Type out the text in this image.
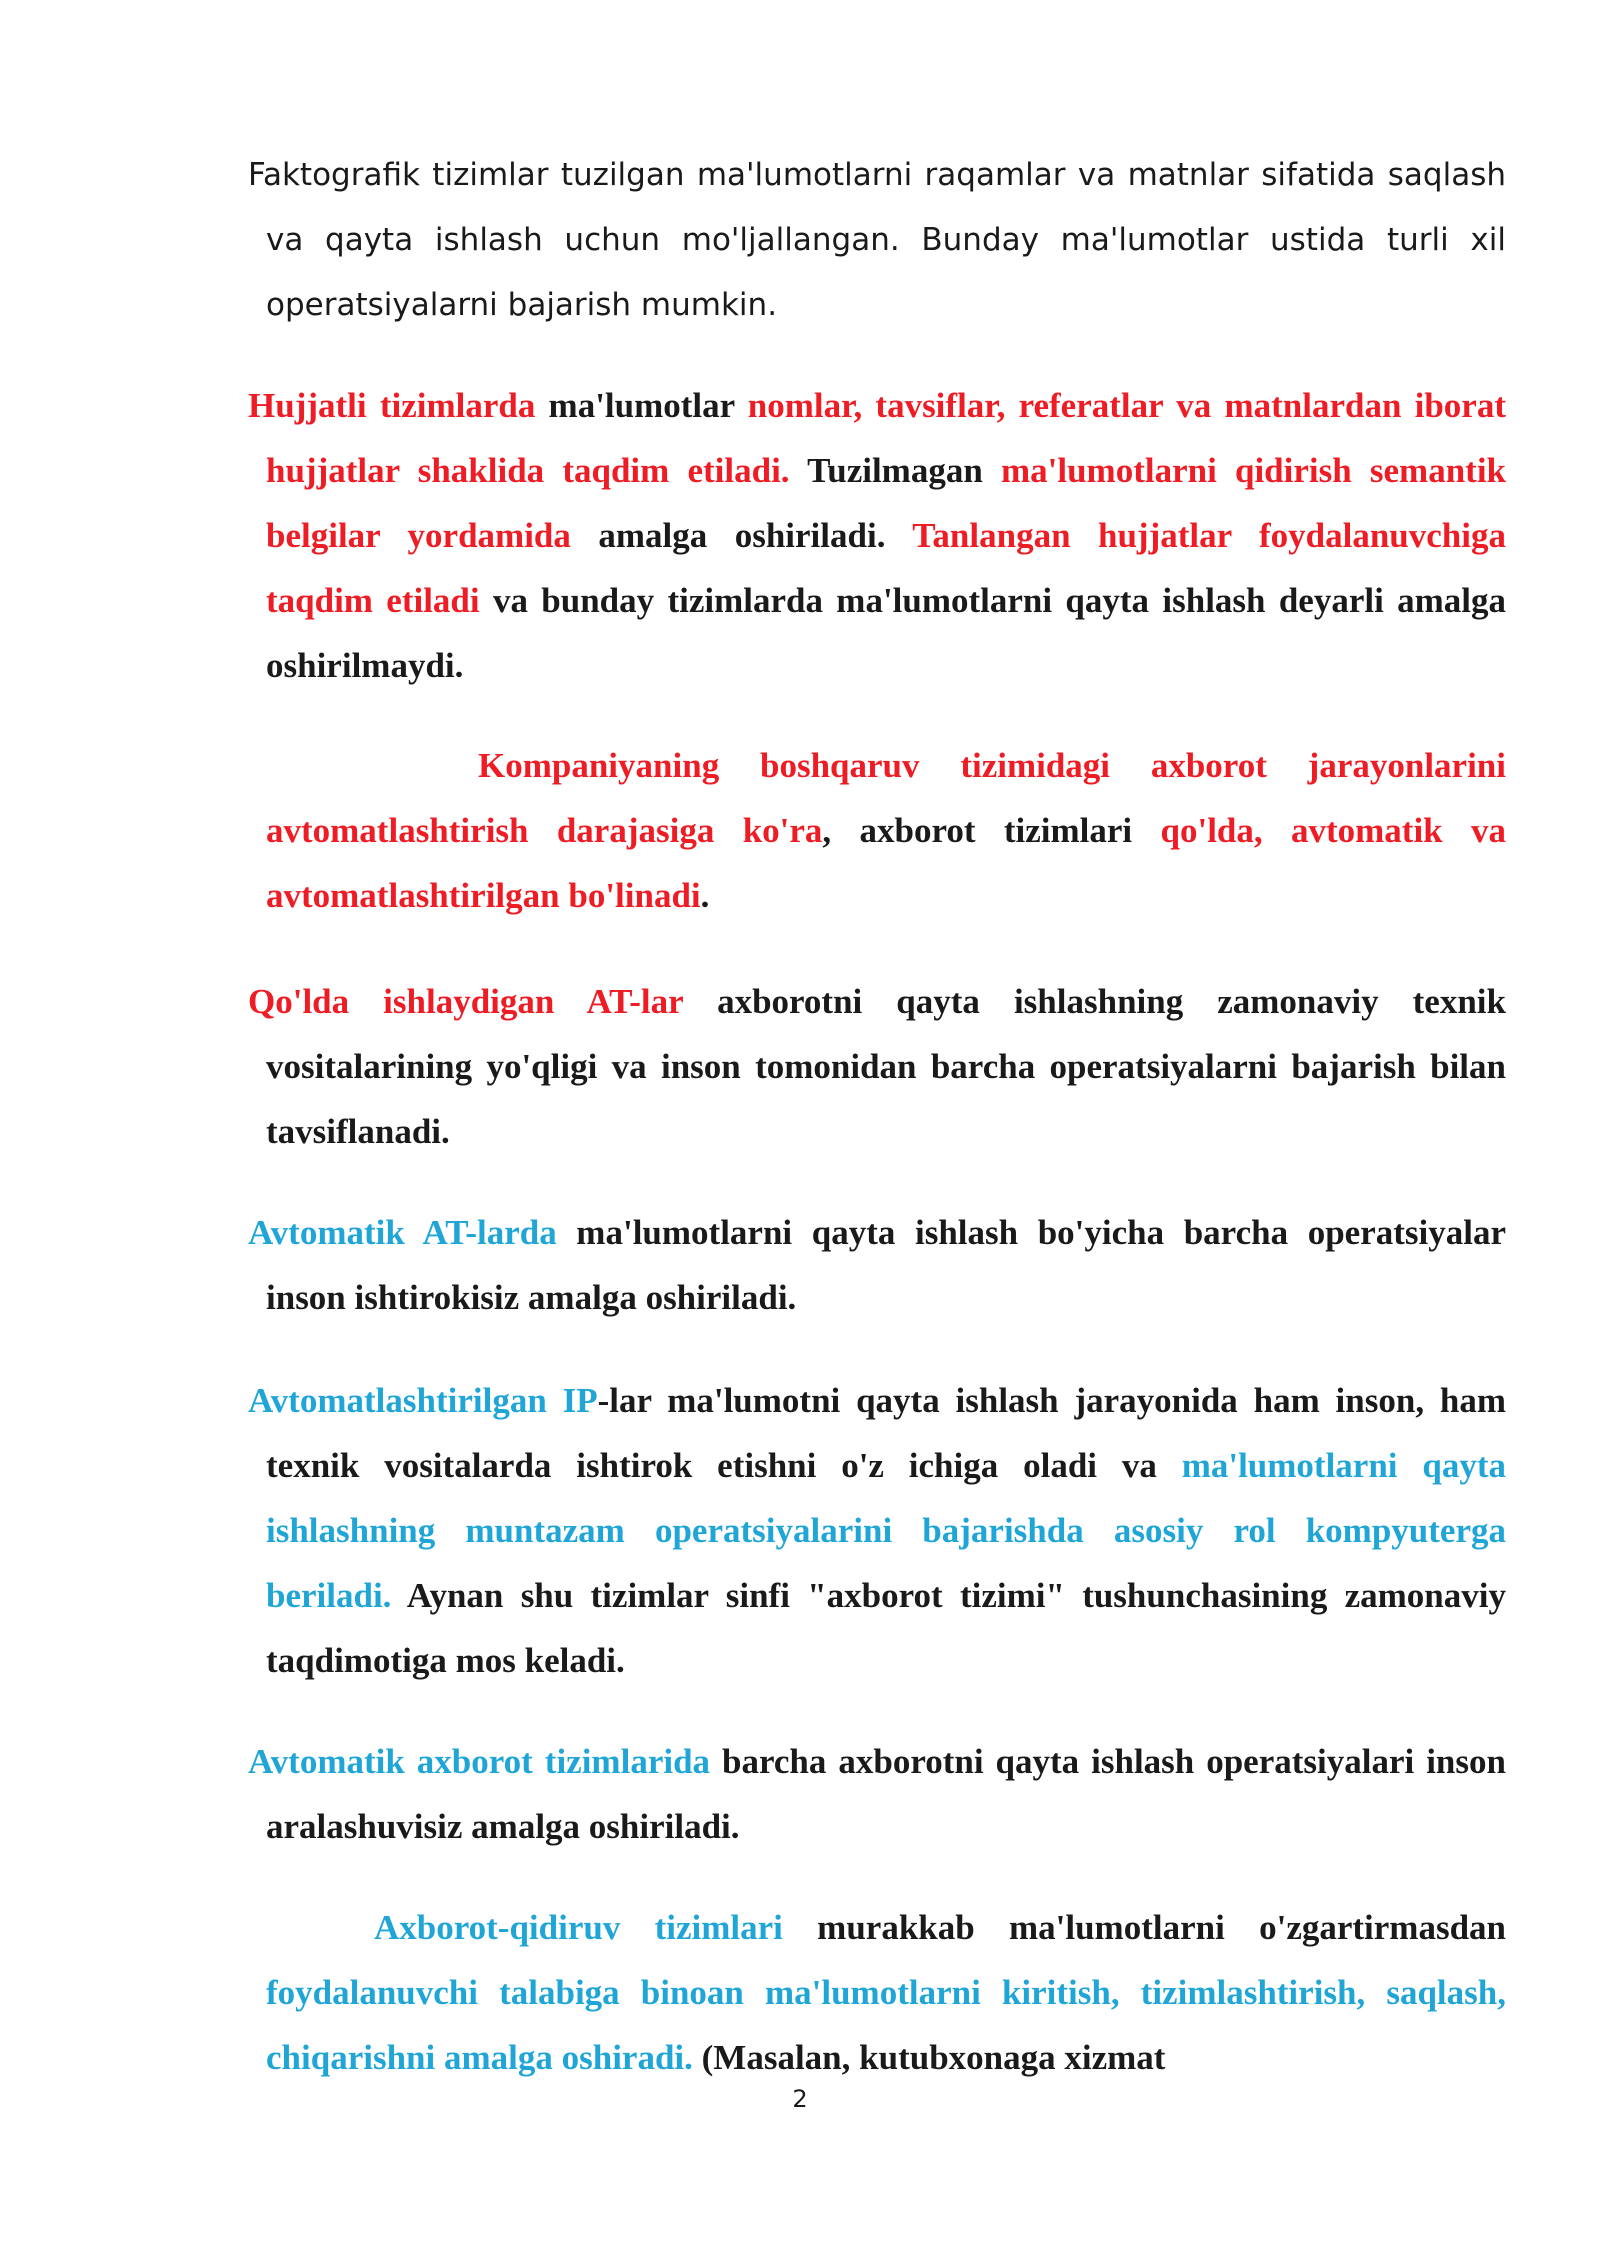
Faktografik tizimlar tuzilgan ma'lumotlarni raqamlar va matnlar sifatida saqlash va qayta ishlash uchun mo'ljallangan. Bunday ma'lumotlar ustida turli xil operatsiyalarni bajarish mumkin.

Hujjatli tizimlarda ma'lumotlar nomlar, tavsiflar, referatlar va matnlardan iborat hujjatlar shaklida taqdim etiladi. Tuzilmagan ma'lumotlarni qidirish semantik belgilar yordamida amalga oshiriladi. Tanlangan hujjatlar foydalanuvchiga taqdim etiladi va bunday tizimlarda ma'lumotlarni qayta ishlash deyarli amalga oshirilmaydi.

Kompaniyaning boshqaruv tizimidagi axborot jarayonlarini avtomatlashtirish darajasiga ko'ra, axborot tizimlari qo'lda, avtomatik va avtomatlashtirilgan bo'linadi.

Qo'lda ishlaydigan AT-lar axborotni qayta ishlashning zamonaviy texnik vositalarining yo'qligi va inson tomonidan barcha operatsiyalarni bajarish bilan tavsiflanadi.

Avtomatik AT-larda ma'lumotlarni qayta ishlash bo'yicha barcha operatsiyalar inson ishtirokisiz amalga oshiriladi.

Avtomatlashtirilgan IP-lar ma'lumotni qayta ishlash jarayonida ham inson, ham texnik vositalarda ishtirok etishni o'z ichiga oladi va ma'lumotlarni qayta ishlashning muntazam operatsiyalarini bajarishda asosiy rol kompyuterga beriladi. Aynan shu tizimlar sinfi "axborot tizimi" tushunchasining zamonaviy taqdimotiga mos keladi.

Avtomatik axborot tizimlarida barcha axborotni qayta ishlash operatsiyalari inson aralashuvisiz amalga oshiriladi.

Axborot-qidiruv tizimlari murakkab ma'lumotlarni o'zgartirmasdan foydalanuvchi talabiga binoan ma'lumotlarni kiritish, tizimlashtirish, saqlash, chiqarishni amalga oshiradi. (Masalan, kutubxonaga xizmat

2
